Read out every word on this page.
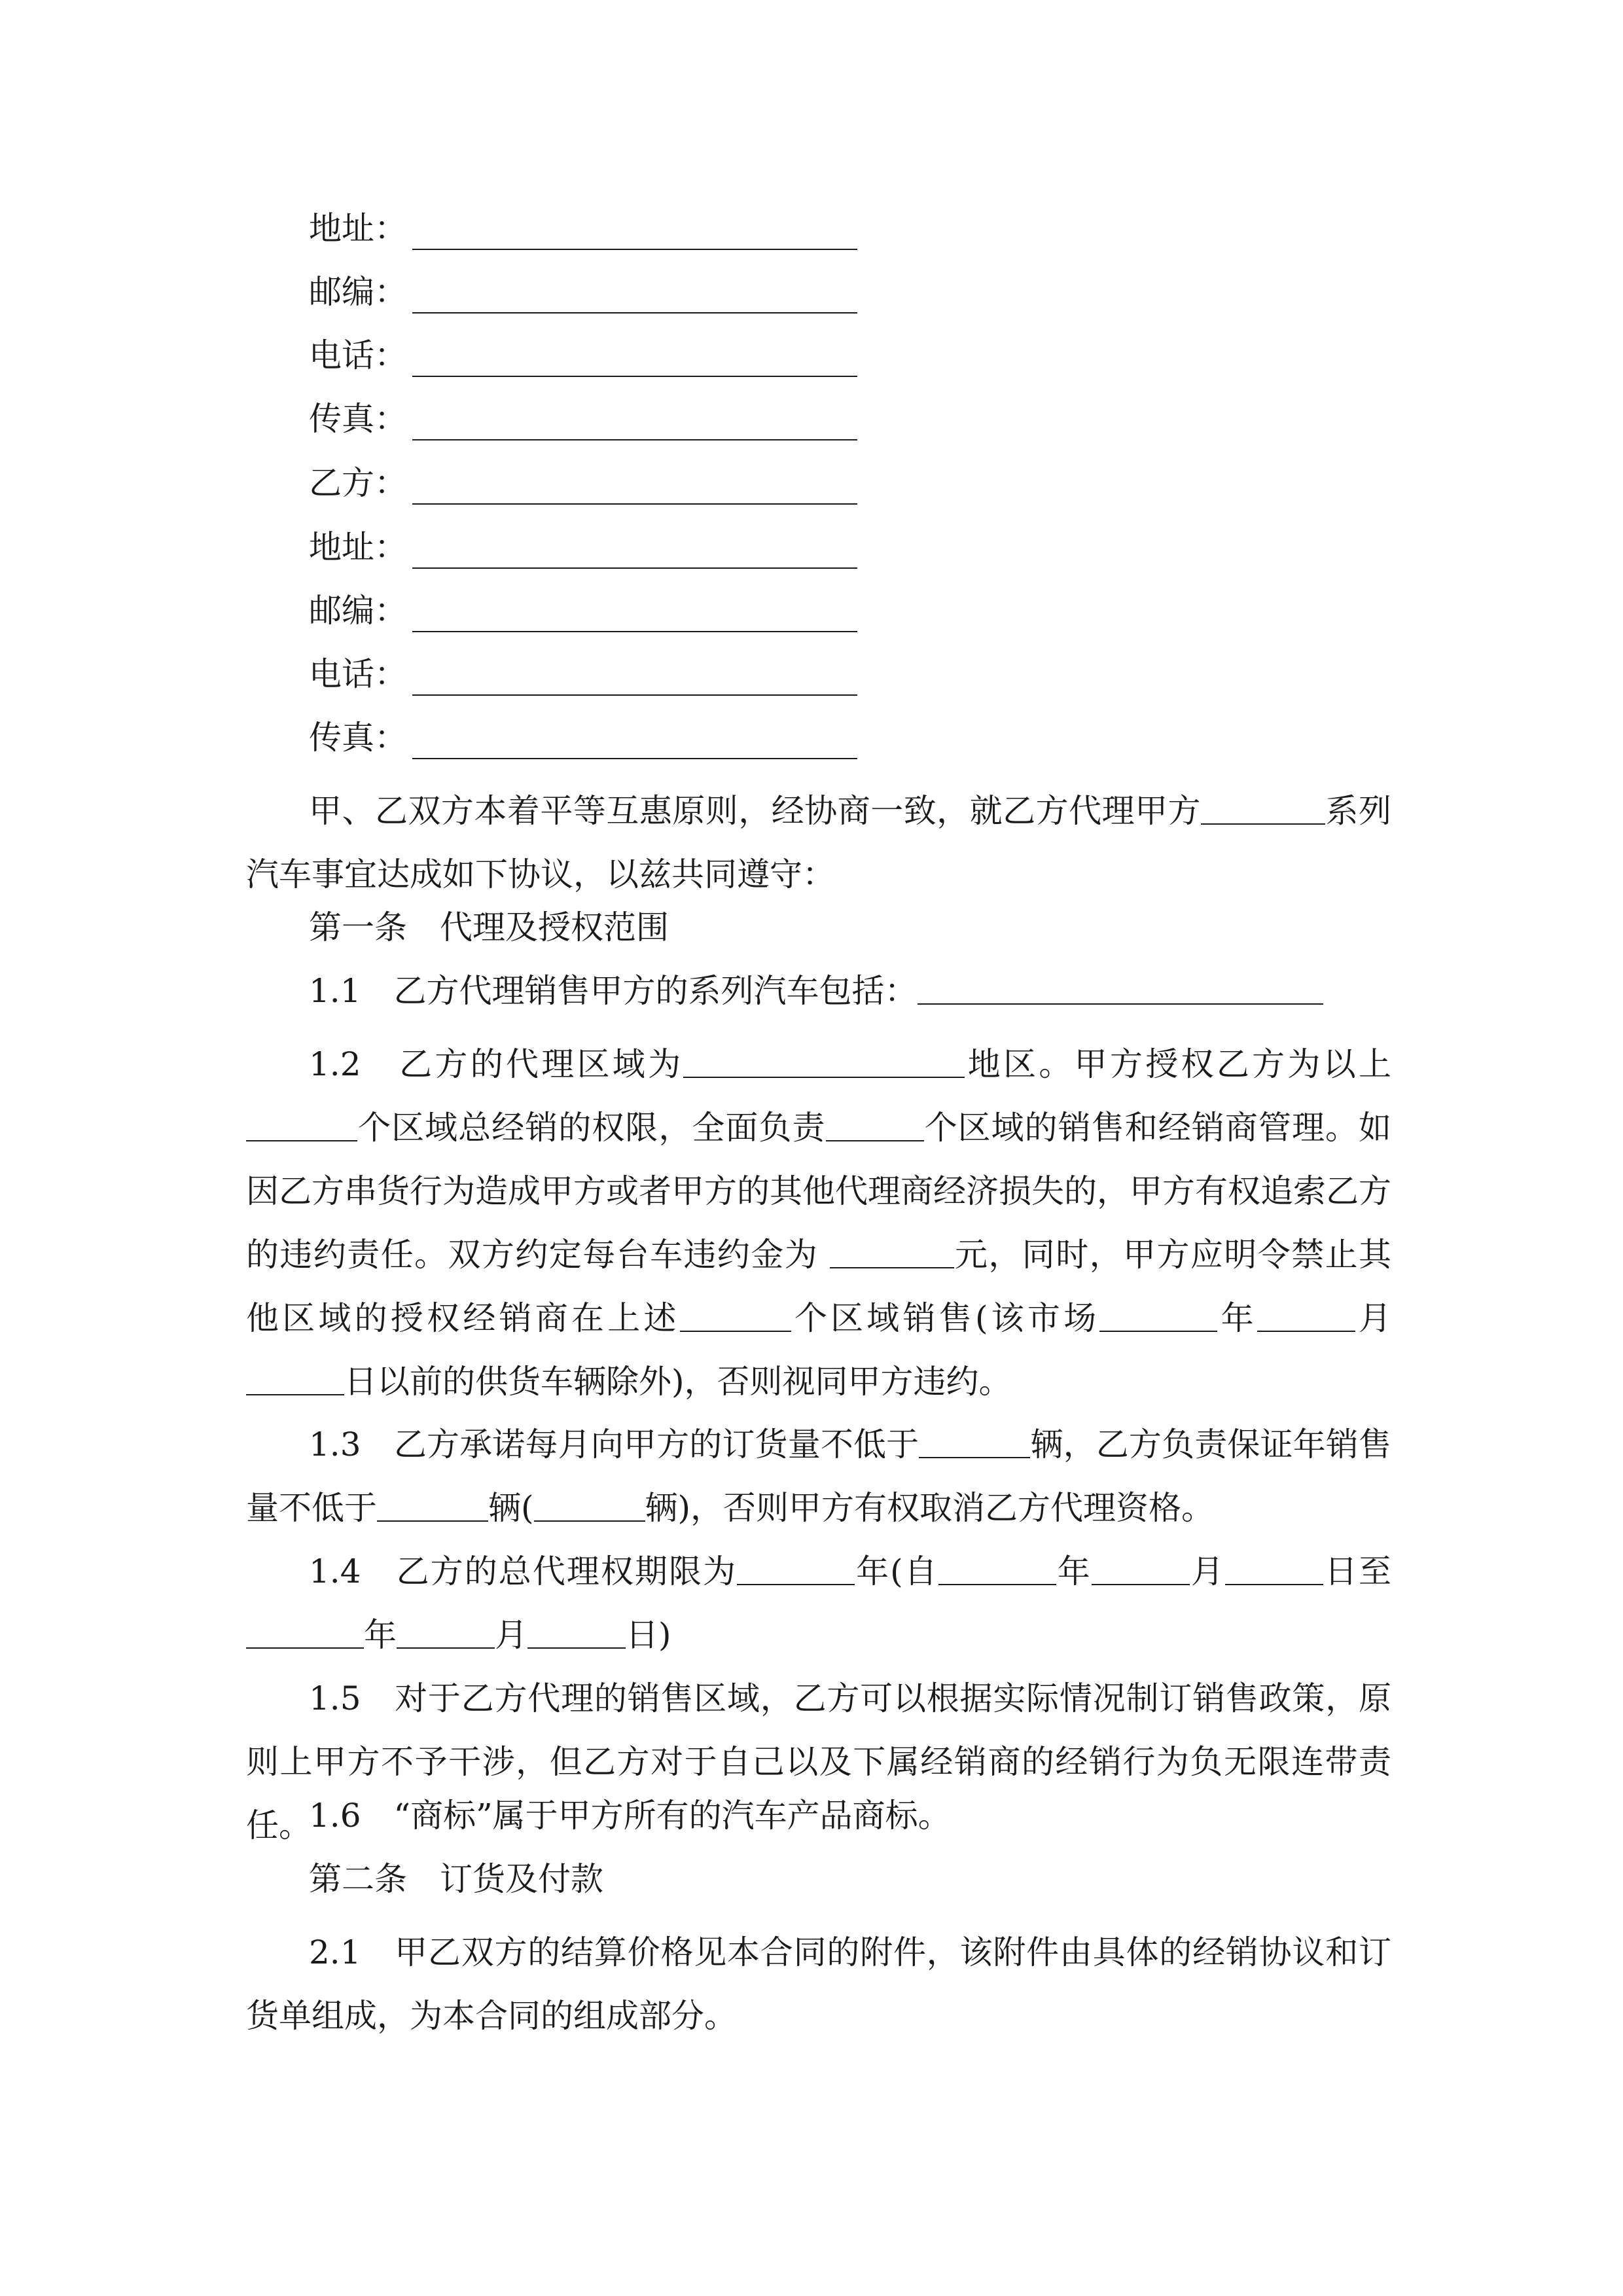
地址：
邮编：
电话：
传真：
乙方：
地址：
邮编：
电话：
传真：
甲、乙双方本着平等互惠原则，经协商一致，就乙方代理甲方	系列汽车事宜达成如下协议，以兹共同遵守：
第一条　代理及授权范围
1.1　 乙方代理销售甲方的系列汽车包括：
1.2　 乙方的代理区域为	地区。甲方授权乙方为以上个区域总经销的权限，全面负责	个区域的销售和经销商管理。如因乙方串货行为造成甲方或者甲方的其他代理商经济损失的，甲方有权追索乙方的违约责任。双方约定每台车违约金为	元，同时，甲方应明令禁止其他区域的授权经销商在上述	个区域销售(该市场	年	月 日以前的供货车辆除外)，否则视同甲方违约。
1.3　 乙方承诺每月向甲方的订货量不低于	辆，乙方负责保证年销售量不低于	辆(	辆)，否则甲方有权取消乙方代理资格。
1.4　 乙方的总代理权期限为	年(自	年	月	日至年	月	日)
1.5　 对于乙方代理的销售区域，乙方可以根据实际情况制订销售政策，原则上甲方不予干涉，但乙方对于自己以及下属经销商的经销行为负无限连带责任。
1.6　 “商标”属于甲方所有的汽车产品商标。
第二条　订货及付款
2.1　 甲乙双方的结算价格见本合同的附件，该附件由具体的经销协议和订货单组成，为本合同的组成部分。
